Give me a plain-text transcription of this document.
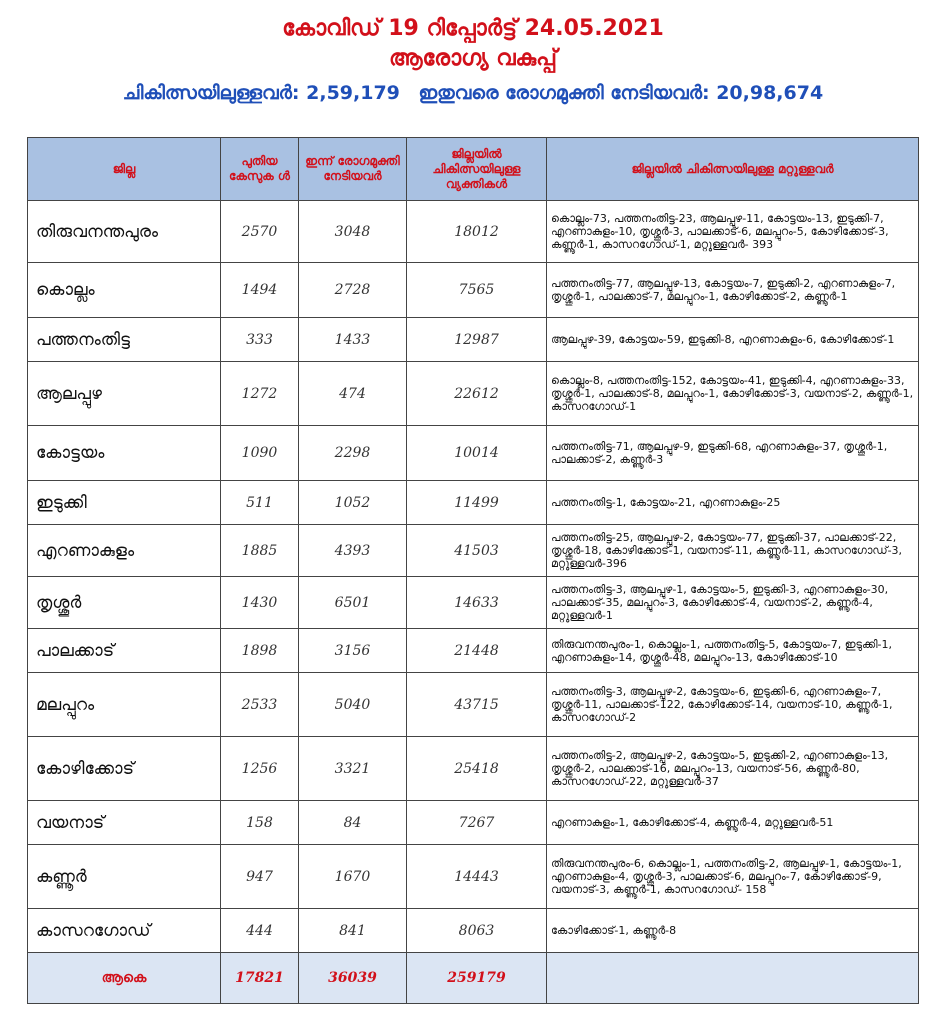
കോവിഡ് 19 റിപ്പോർട്ട് 24.05.2021
ആരോഗ്യ വകുപ്പ്
ചികിത്സയിലുള്ളവർ: 2,59,179 ഇതുവരെ രോഗമുക്തി നേടിയവർ: 20,98,674
ജില്ല	പുതിയ കേസുക ൾ	ഇന്ന് രോഗമുക്തി നേടിയവർ	ജില്ലയിൽ ചികിത്സയിലുള്ള വ്യക്തികൾ	ജില്ലയിൽ ചികിത്സയിലുള്ള മറ്റുള്ളവർ
തിരുവനന്തപുരം	2570	3048	18012	കൊല്ലം-73, പത്തനംതിട്ട-23, ആലപ്പുഴ-11, കോട്ടയം-13, ഇടുക്കി-7, എറണാകുളം-10, തൃശ്ശൂർ-3, പാലക്കാട്-6, മലപ്പുറം-5, കോഴിക്കോട്-3, കണ്ണൂർ-1, കാസറഗോഡ്-1, മറ്റുള്ളവർ- 393
കൊല്ലം	1494	2728	7565	പത്തനംതിട്ട-77, ആലപ്പുഴ-13, കോട്ടയം-7, ഇടുക്കി-2, എറണാകുളം-7, തൃശ്ശൂർ-1, പാലക്കാട്-7, മലപ്പുറം-1, കോഴിക്കോട്-2, കണ്ണൂർ-1
പത്തനംതിട്ട	333	1433	12987	ആലപ്പുഴ-39, കോട്ടയം-59, ഇടുക്കി-8, എറണാകുളം-6, കോഴിക്കോട്-1
ആലപ്പുഴ	1272	474	22612	കൊല്ലം-8, പത്തനംതിട്ട-152, കോട്ടയം-41, ഇടുക്കി-4, എറണാകുളം-33, തൃശ്ശൂർ-1, പാലക്കാട്-8, മലപ്പുറം-1, കോഴിക്കോട്-3, വയനാട്-2, കണ്ണൂർ-1, കാസറഗോഡ്-1
കോട്ടയം	1090	2298	10014	പത്തനംതിട്ട-71, ആലപ്പുഴ-9, ഇടുക്കി-68, എറണാകുളം-37, തൃശ്ശൂർ-1, പാലക്കാട്-2, കണ്ണൂർ-3
ഇടുക്കി	511	1052	11499	പത്തനംതിട്ട-1, കോട്ടയം-21, എറണാകുളം-25
എറണാകുളം	1885	4393	41503	പത്തനംതിട്ട-25, ആലപ്പുഴ-2, കോട്ടയം-77, ഇടുക്കി-37, പാലക്കാട്-22, തൃശ്ശൂർ-18, കോഴിക്കോട്-1, വയനാട്-11, കണ്ണൂർ-11, കാസറഗോഡ്-3, മറ്റുള്ളവർ-396
തൃശ്ശൂർ	1430	6501	14633	പത്തനംതിട്ട-3, ആലപ്പുഴ-1, കോട്ടയം-5, ഇടുക്കി-3, എറണാകുളം-30, പാലക്കാട്-35, മലപ്പുറം-3, കോഴിക്കോട്-4, വയനാട്-2, കണ്ണൂർ-4, മറ്റുള്ളവർ-1
പാലക്കാട്	1898	3156	21448	തിരുവനന്തപുരം-1, കൊല്ലം-1, പത്തനംതിട്ട-5, കോട്ടയം-7, ഇടുക്കി-1, എറണാകുളം-14, തൃശ്ശൂർ-48, മലപ്പുറം-13, കോഴിക്കോട്-10
മലപ്പുറം	2533	5040	43715	പത്തനംതിട്ട-3, ആലപ്പുഴ-2, കോട്ടയം-6, ഇടുക്കി-6, എറണാകുളം-7, തൃശ്ശൂർ-11, പാലക്കാട്-122, കോഴിക്കോട്-14, വയനാട്-10, കണ്ണൂർ-1, കാസറഗോഡ്-2
കോഴിക്കോട്	1256	3321	25418	പത്തനംതിട്ട-2, ആലപ്പുഴ-2, കോട്ടയം-5, ഇടുക്കി-2, എറണാകുളം-13, തൃശ്ശൂർ-2, പാലക്കാട്-16, മലപ്പുറം-13, വയനാട്-56, കണ്ണൂർ-80, കാസറഗോഡ്-22, മറ്റുള്ളവർ-37
വയനാട്	158	84	7267	എറണാകുളം-1, കോഴിക്കോട്-4, കണ്ണൂർ-4, മറ്റുള്ളവർ-51
കണ്ണൂർ	947	1670	14443	തിരുവനന്തപുരം-6, കൊല്ലം-1, പത്തനംതിട്ട-2, ആലപ്പുഴ-1, കോട്ടയം-1, എറണാകുളം-4, തൃശ്ശൂർ-3, പാലക്കാട്-6, മലപ്പുറം-7, കോഴിക്കോട്-9, വയനാട്-3, കണ്ണൂർ-1, കാസറഗോഡ്- 158
കാസറഗോഡ്	444	841	8063	കോഴിക്കോട്-1, കണ്ണൂർ-8
ആകെ	17821	36039	259179	
